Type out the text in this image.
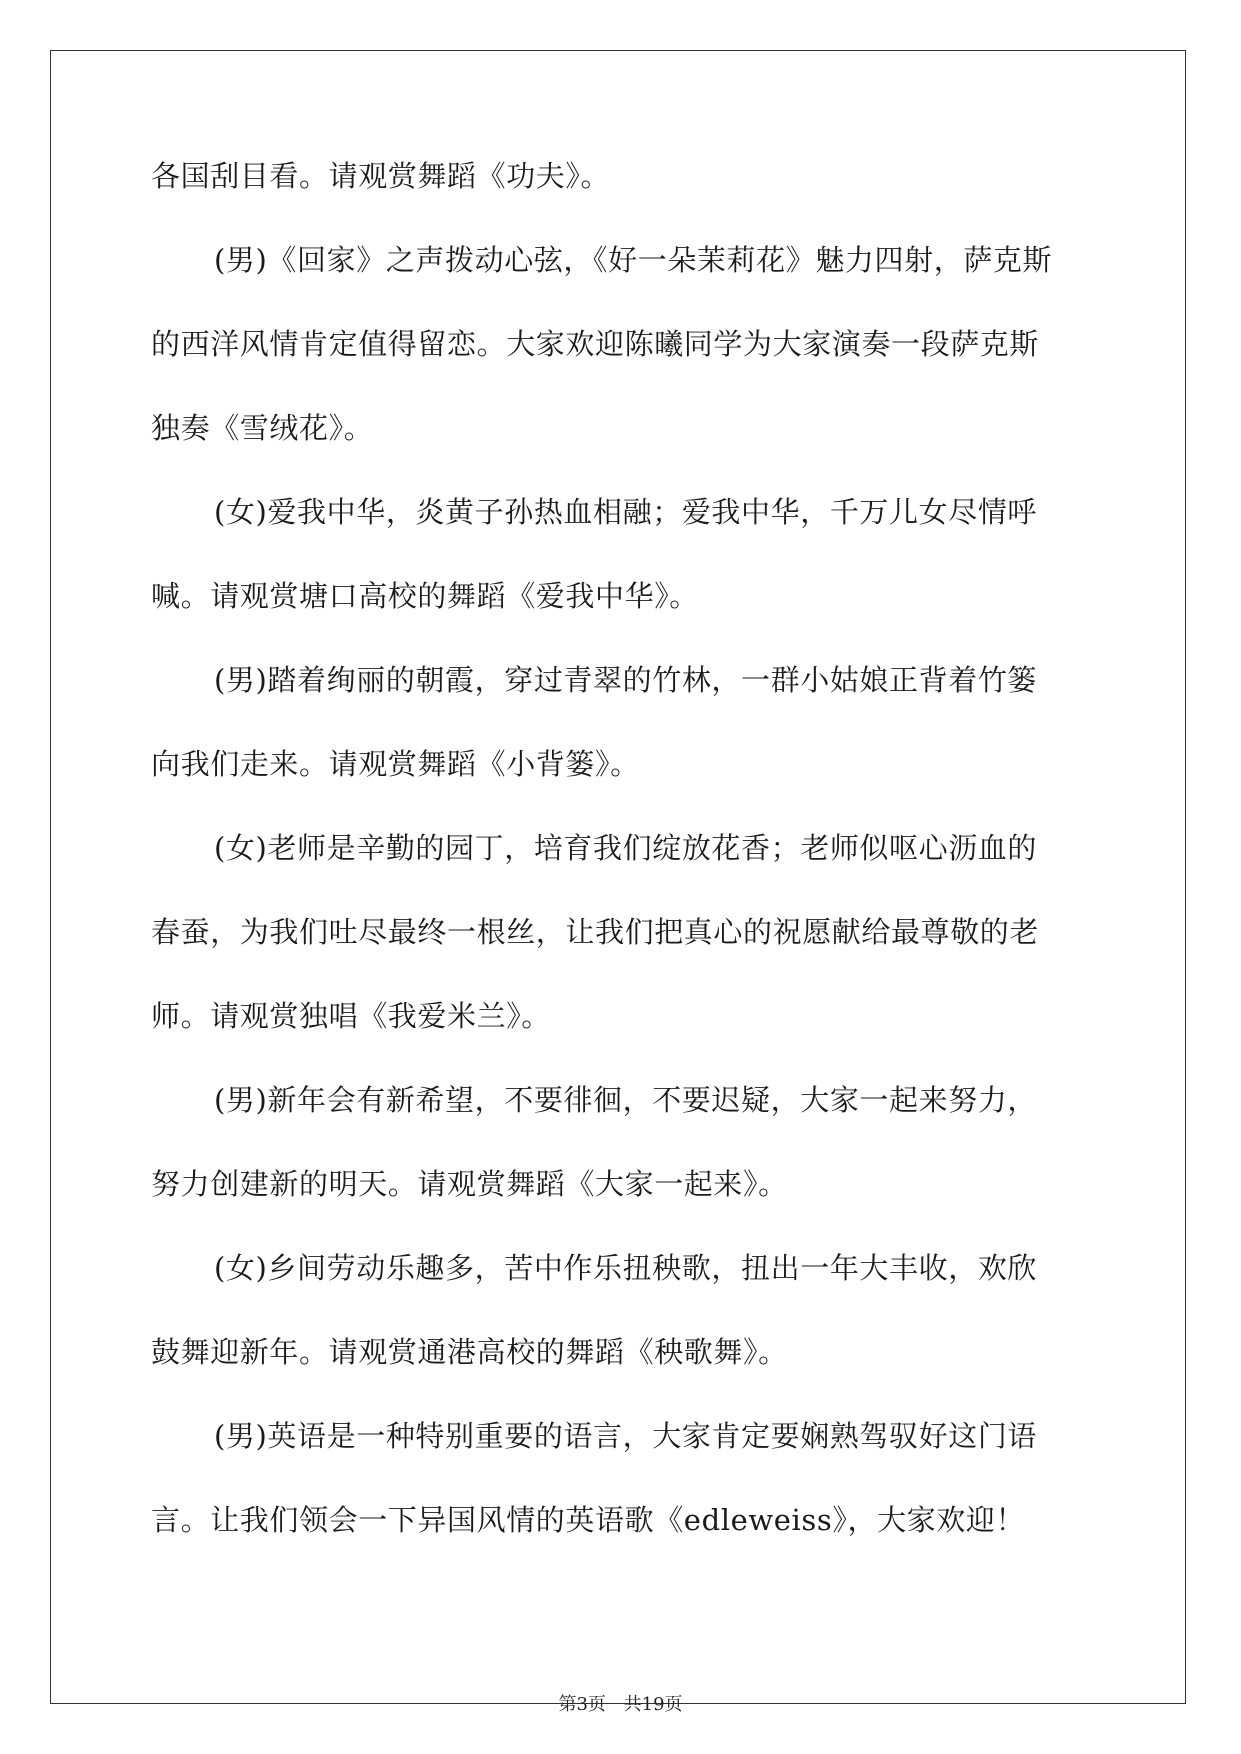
各国刮目看。请观赏舞蹈《功夫》。
(男)《回家》之声拨动心弦，《好一朵茉莉花》魅力四射，萨克斯
的西洋风情肯定值得留恋。大家欢迎陈曦同学为大家演奏一段萨克斯
独奏《雪绒花》。
(女)爱我中华，炎黄子孙热血相融；爱我中华，千万儿女尽情呼
喊。请观赏塘口高校的舞蹈《爱我中华》。
(男)踏着绚丽的朝霞，穿过青翠的竹林，一群小姑娘正背着竹篓
向我们走来。请观赏舞蹈《小背篓》。
(女)老师是辛勤的园丁，培育我们绽放花香；老师似呕心沥血的
春蚕，为我们吐尽最终一根丝，让我们把真心的祝愿献给最尊敬的老
师。请观赏独唱《我爱米兰》。
(男)新年会有新希望，不要徘徊，不要迟疑，大家一起来努力，
努力创建新的明天。请观赏舞蹈《大家一起来》。
(女)乡间劳动乐趣多，苦中作乐扭秧歌，扭出一年大丰收，欢欣
鼓舞迎新年。请观赏通港高校的舞蹈《秧歌舞》。
(男)英语是一种特别重要的语言，大家肯定要娴熟驾驭好这门语
言。让我们领会一下异国风情的英语歌《edleweiss》，大家欢迎！
第3页 共19页
